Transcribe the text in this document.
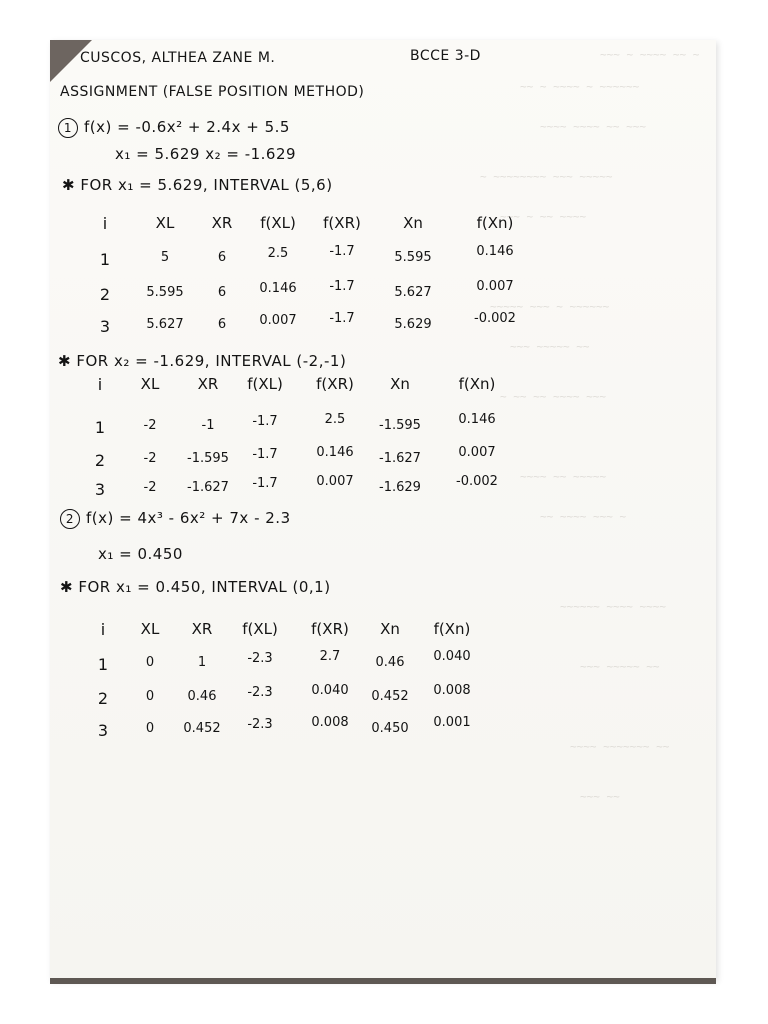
~~~ ~ ~~~~ ~~ ~
~~ ~ ~~~~ ~ ~~~~~~
~~~~ ~~~~ ~~ ~~~
~ ~~~~~~~~ ~~~ ~~~~~
~~~ ~ ~~ ~~~~
~~~~~ ~~~ ~ ~~~~~~
~~~ ~~~~~ ~~
~ ~~ ~~ ~~~~ ~~~
~~~~ ~~ ~~~~~
~~ ~~~~ ~~~ ~
~~~~~~ ~~~~ ~~~~
~~~ ~~~~~ ~~
~~~~ ~~~~~~~ ~~
~~~ ~~
CUSCOS, ALTHEA ZANE M.	BCCE 3-D
ASSIGNMENT (FALSE POSITION METHOD)
1 f(x) = -0.6x² + 2.4x + 5.5
x₁ = 5.629 x₂ = -1.629
✱ FOR x₁ = 5.629, INTERVAL (5,6)
i	XL XR f(XL) f(XR)	Xn	f(Xn)
1	5	6	2.5	-1.7	5.595	0.146
2	5.595	6	0.146	-1.7	5.627	0.007
3	5.627	6	0.007	-1.7	5.629	-0.002
✱ FOR x₂ = -1.629, INTERVAL (-2,-1)
i	XL	XR f(XL) f(XR) Xn	f(Xn)
1	-2	-1	-1.7	2.5	-1.595	0.146
2	-2 -1.595 -1.7	0.146 -1.627	0.007
3	-2 -1.627 -1.7	0.007 -1.629	-0.002
2 f(x) = 4x³ - 6x² + 7x - 2.3
x₁ = 0.450
✱ FOR x₁ = 0.450, INTERVAL (0,1)
i XL XR f(XL) f(XR) Xn f(Xn)
1	0	1	-2.3	2.7	0.46 0.040
2	0	0.46 -2.3	0.040 0.452 0.008
3	0 0.452 -2.3	0.008 0.450 0.001
